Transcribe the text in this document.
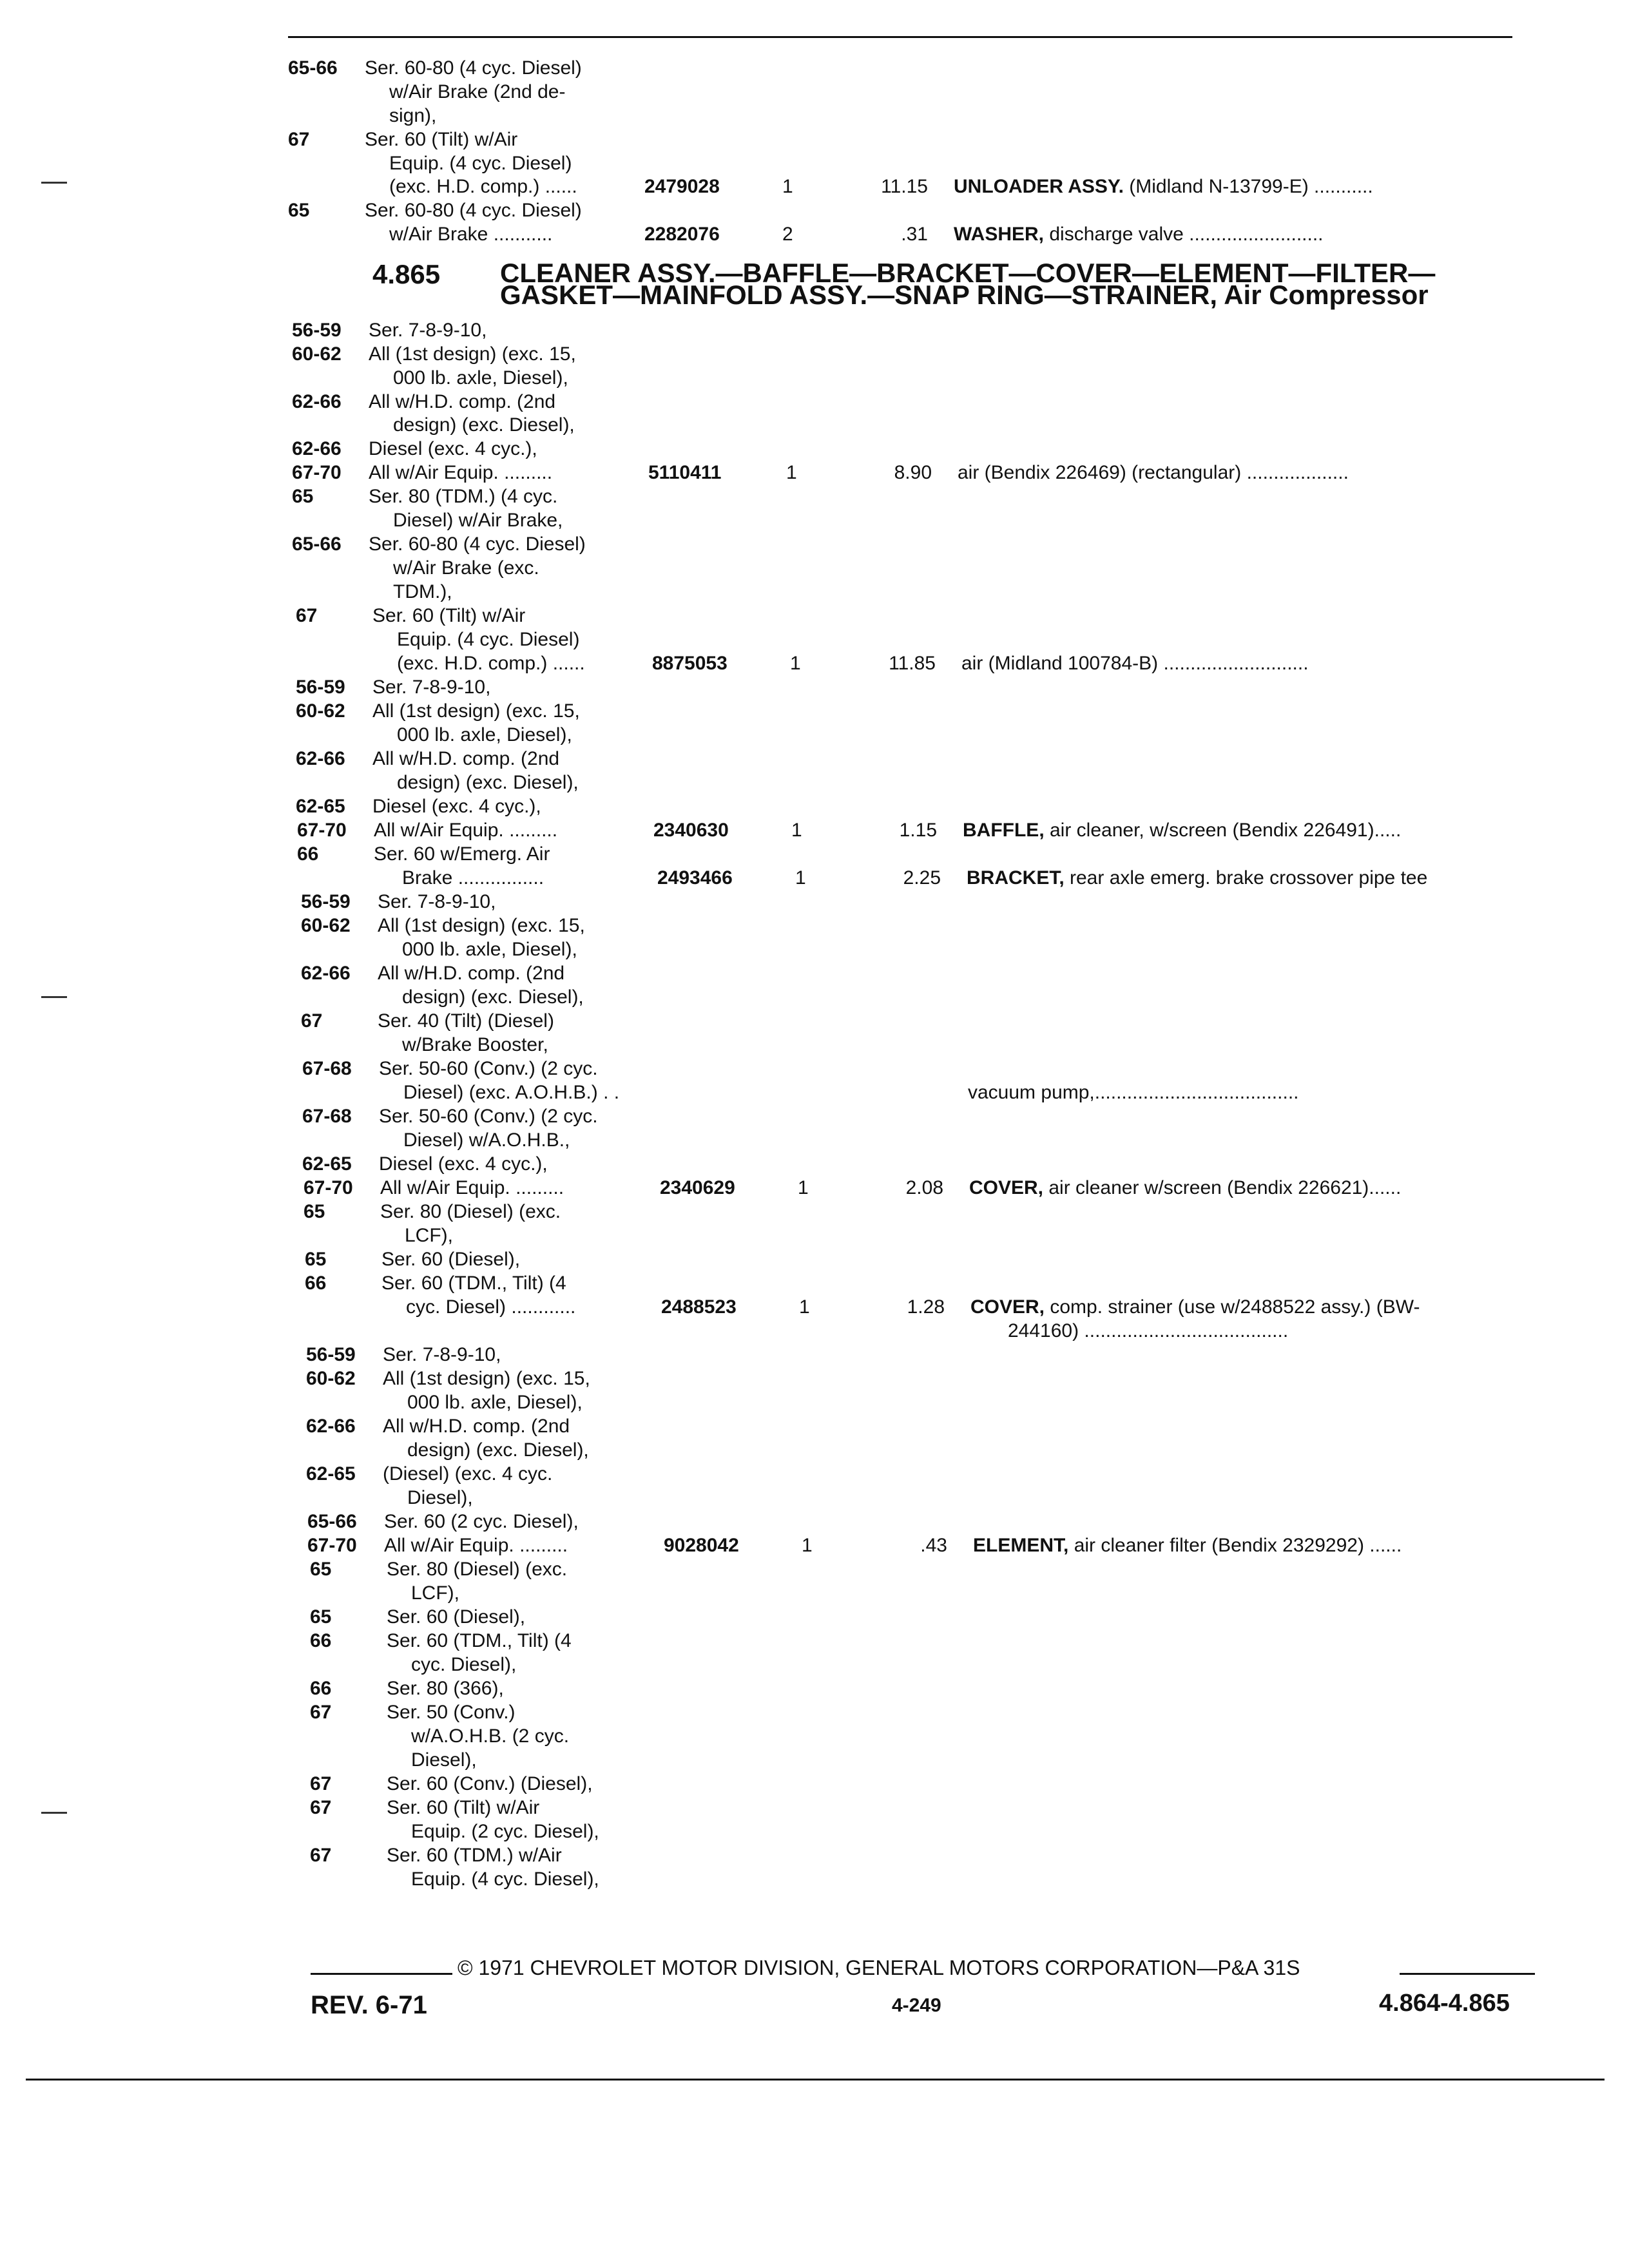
4.865 CLEANER ASSY.—BAFFLE—BRACKET—COVER—ELEMENT—FILTER—
GASKET—MAINFOLD ASSY.—SNAP RING—STRAINER, Air Compressor
65-66 Ser. 60-80 (4 cyc. Diesel)
w/Air Brake (2nd de-
sign),
67	Ser. 60 (Tilt) w/Air
Equip. (4 cyc. Diesel)
(exc. H.D. comp.) ......	2479028	1	11.15 UNLOADER ASSY. (Midland N-13799-E) ...........
65	Ser. 60-80 (4 cyc. Diesel)
w/Air Brake ...........	2282076	2	.31 WASHER, discharge valve .........................
56-59 Ser. 7-8-9-10,
60-62 All (1st design) (exc. 15,
000 lb. axle, Diesel),
62-66 All w/H.D. comp. (2nd
design) (exc. Diesel),
62-66 Diesel (exc. 4 cyc.),
67-70 All w/Air Equip. .........	5110411	1	8.90 air (Bendix 226469) (rectangular) ...................
65	Ser. 80 (TDM.) (4 cyc.
Diesel) w/Air Brake,
65-66 Ser. 60-80 (4 cyc. Diesel)
w/Air Brake (exc.
TDM.),
67	Ser. 60 (Tilt) w/Air
Equip. (4 cyc. Diesel)
(exc. H.D. comp.) ......	8875053	1	11.85 air (Midland 100784-B) ...........................
56-59 Ser. 7-8-9-10,
60-62 All (1st design) (exc. 15,
000 lb. axle, Diesel),
62-66 All w/H.D. comp. (2nd
design) (exc. Diesel),
62-65 Diesel (exc. 4 cyc.),
67-70 All w/Air Equip. .........	2340630	1	1.15 BAFFLE, air cleaner, w/screen (Bendix 226491).....
66	Ser. 60 w/Emerg. Air
Brake ................	2493466	1	2.25 BRACKET, rear axle emerg. brake crossover pipe tee
56-59 Ser. 7-8-9-10,
60-62 All (1st design) (exc. 15,
000 lb. axle, Diesel),
62-66 All w/H.D. comp. (2nd
design) (exc. Diesel),
67	Ser. 40 (Tilt) (Diesel)
w/Brake Booster,
67-68 Ser. 50-60 (Conv.) (2 cyc.
Diesel) (exc. A.O.H.B.) . .	vacuum pump,......................................
67-68 Ser. 50-60 (Conv.) (2 cyc.
Diesel) w/A.O.H.B.,
62-65 Diesel (exc. 4 cyc.),
67-70 All w/Air Equip. .........	2340629	1	2.08 COVER, air cleaner w/screen (Bendix 226621)......
65	Ser. 80 (Diesel) (exc.
LCF),
65	Ser. 60 (Diesel),
66	Ser. 60 (TDM., Tilt) (4
cyc. Diesel) ............	2488523	1	1.28 COVER, comp. strainer (use w/2488522 assy.) (BW-
244160) ......................................
56-59 Ser. 7-8-9-10,
60-62 All (1st design) (exc. 15,
000 lb. axle, Diesel),
62-66 All w/H.D. comp. (2nd
design) (exc. Diesel),
62-65 (Diesel) (exc. 4 cyc.
Diesel),
65-66 Ser. 60 (2 cyc. Diesel),
67-70 All w/Air Equip. .........	9028042	1	.43 ELEMENT, air cleaner filter (Bendix 2329292) ......
65	Ser. 80 (Diesel) (exc.
LCF),
65	Ser. 60 (Diesel),
66	Ser. 60 (TDM., Tilt) (4
cyc. Diesel),
66	Ser. 80 (366),
67	Ser. 50 (Conv.)
w/A.O.H.B. (2 cyc.
Diesel),
67	Ser. 60 (Conv.) (Diesel),
67	Ser. 60 (Tilt) w/Air
Equip. (2 cyc. Diesel),
67	Ser. 60 (TDM.) w/Air
Equip. (4 cyc. Diesel),
© 1971 CHEVROLET MOTOR DIVISION, GENERAL MOTORS CORPORATION—P&A 31S
REV. 6-71	4-249	4.864-4.865
